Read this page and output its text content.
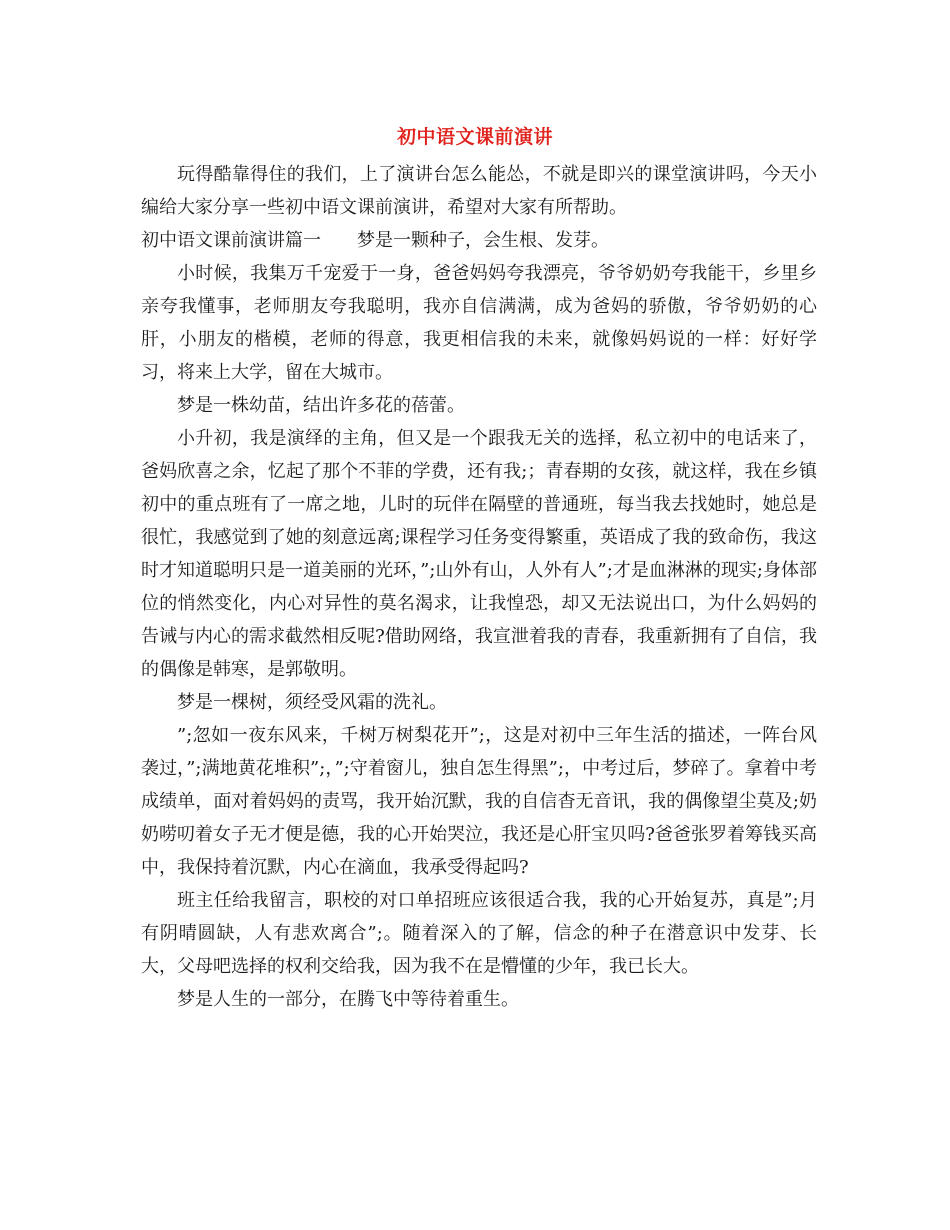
初中语文课前演讲

玩得酷靠得住的我们，上了演讲台怎么能怂，不就是即兴的课堂演讲吗，今天小编给大家分享一些初中语文课前演讲，希望对大家有所帮助。

初中语文课前演讲篇一　　梦是一颗种子，会生根、发芽。

小时候，我集万千宠爱于一身，爸爸妈妈夸我漂亮，爷爷奶奶夸我能干，乡里乡亲夸我懂事，老师朋友夸我聪明，我亦自信满满，成为爸妈的骄傲，爷爷奶奶的心肝，小朋友的楷模，老师的得意，我更相信我的未来，就像妈妈说的一样：好好学习，将来上大学，留在大城市。

梦是一株幼苗，结出许多花的蓓蕾。

小升初，我是演绎的主角，但又是一个跟我无关的选择，私立初中的电话来了，爸妈欣喜之余，忆起了那个不菲的学费，还有我;；青春期的女孩，就这样，我在乡镇初中的重点班有了一席之地，儿时的玩伴在隔壁的普通班，每当我去找她时，她总是很忙，我感觉到了她的刻意远离;课程学习任务变得繁重，英语成了我的致命伤，我这时才知道聪明只是一道美丽的光环，”;山外有山，人外有人”;才是血淋淋的现实;身体部位的悄然变化，内心对异性的莫名渴求，让我惶恐，却又无法说出口，为什么妈妈的告诫与内心的需求截然相反呢?借助网络，我宣泄着我的青春，我重新拥有了自信，我的偶像是韩寒，是郭敬明。

梦是一棵树，须经受风霜的洗礼。

”;忽如一夜东风来，千树万树梨花开”;，这是对初中三年生活的描述，一阵台风袭过，”;满地黄花堆积”;，”;守着窗儿，独自怎生得黑”;，中考过后，梦碎了。拿着中考成绩单，面对着妈妈的责骂，我开始沉默，我的自信杳无音讯，我的偶像望尘莫及;奶奶唠叨着女子无才便是德，我的心开始哭泣，我还是心肝宝贝吗?爸爸张罗着筹钱买高中，我保持着沉默，内心在滴血，我承受得起吗?

班主任给我留言，职校的对口单招班应该很适合我，我的心开始复苏，真是”;月有阴晴圆缺，人有悲欢离合”;。随着深入的了解，信念的种子在潜意识中发芽、长大，父母吧选择的权利交给我，因为我不在是懵懂的少年，我已长大。

梦是人生的一部分，在腾飞中等待着重生。
